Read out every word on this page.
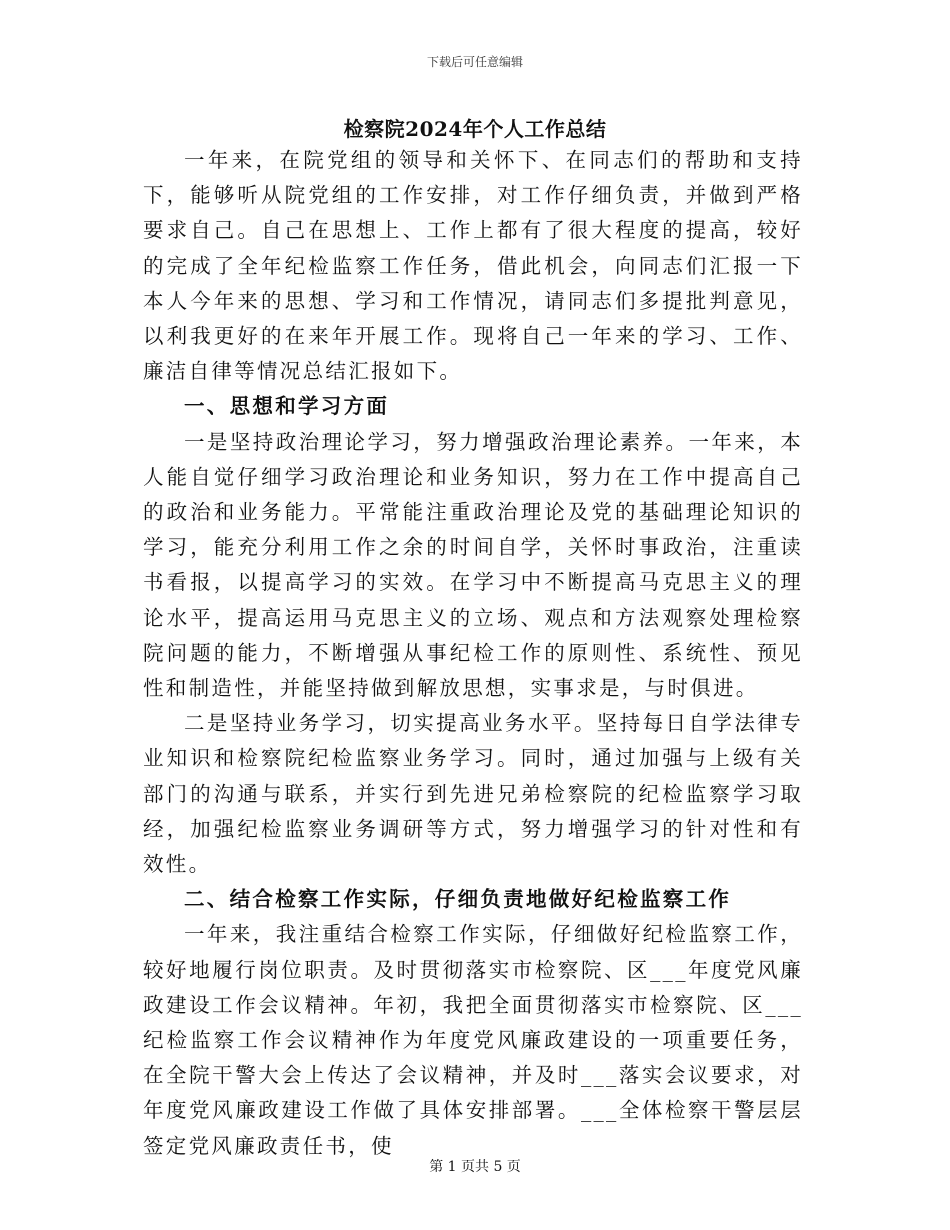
下载后可任意编辑
检察院2024年个人工作总结

一年来，在院党组的领导和关怀下、在同志们的帮助和支持下，能够听从院党组的工作安排，对工作仔细负责，并做到严格要求自己。自己在思想上、工作上都有了很大程度的提高，较好的完成了全年纪检监察工作任务，借此机会，向同志们汇报一下本人今年来的思想、学习和工作情况，请同志们多提批判意见，以利我更好的在来年开展工作。现将自己一年来的学习、工作、廉洁自律等情况总结汇报如下。

一、思想和学习方面

一是坚持政治理论学习，努力增强政治理论素养。一年来，本人能自觉仔细学习政治理论和业务知识，努力在工作中提高自己的政治和业务能力。平常能注重政治理论及党的基础理论知识的学习，能充分利用工作之余的时间自学，关怀时事政治，注重读书看报，以提高学习的实效。在学习中不断提高马克思主义的理论水平，提高运用马克思主义的立场、观点和方法观察处理检察院问题的能力，不断增强从事纪检工作的原则性、系统性、预见性和制造性，并能坚持做到解放思想，实事求是，与时俱进。

二是坚持业务学习，切实提高业务水平。坚持每日自学法律专业知识和检察院纪检监察业务学习。同时，通过加强与上级有关部门的沟通与联系，并实行到先进兄弟检察院的纪检监察学习取经，加强纪检监察业务调研等方式，努力增强学习的针对性和有效性。

二、结合检察工作实际，仔细负责地做好纪检监察工作

一年来，我注重结合检察工作实际，仔细做好纪检监察工作，较好地履行岗位职责。及时贯彻落实市检察院、区___年度党风廉政建设工作会议精神。年初，我把全面贯彻落实市检察院、区___纪检监察工作会议精神作为年度党风廉政建设的一项重要任务，在全院干警大会上传达了会议精神，并及时___落实会议要求，对年度党风廉政建设工作做了具体安排部署。___全体检察干警层层签定党风廉政责任书，使

第 1 页共 5 页
